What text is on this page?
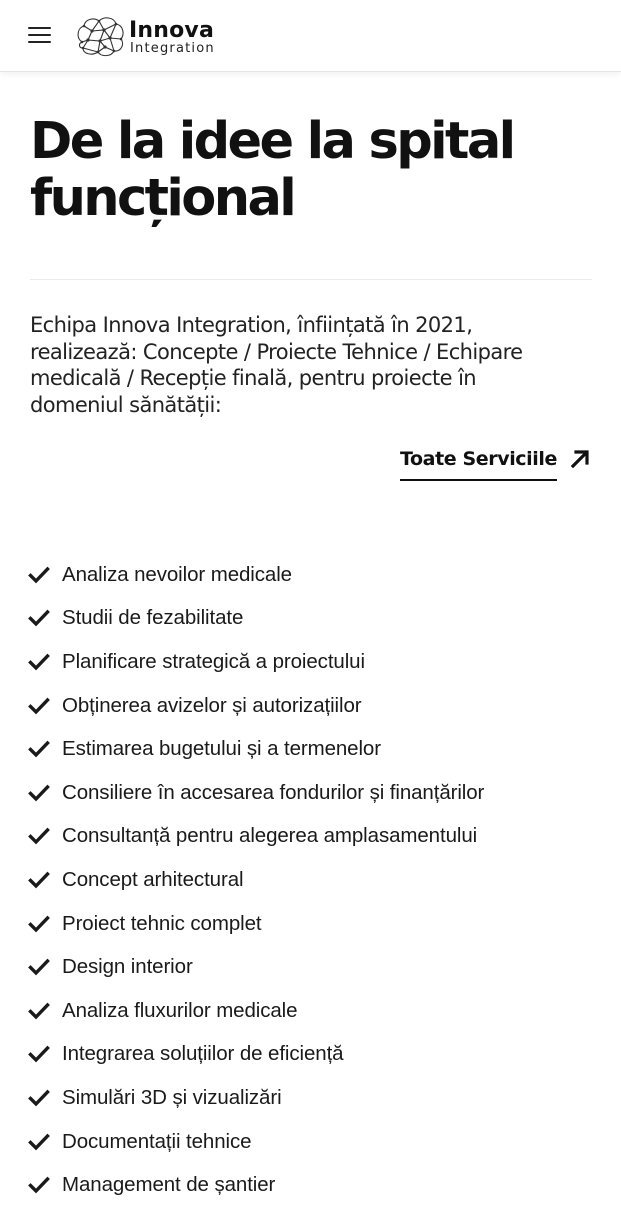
Innova
Integration
De la idee la spital
funcțional

Echipa Innova Integration, înființată în 2021, realizează: Concepte / Proiecte Tehnice / Echipare medicală / Recepție finală, pentru proiecte în domeniul sănătății:

Toate Serviciile
Analiza nevoilor medicale
Studii de fezabilitate
Planificare strategică a proiectului
Obținerea avizelor și autorizațiilor
Estimarea bugetului și a termenelor
Consiliere în accesarea fondurilor și finanțărilor
Consultanță pentru alegerea amplasamentului
Concept arhitectural
Proiect tehnic complet
Design interior
Analiza fluxurilor medicale
Integrarea soluțiilor de eficiență
Simulări 3D și vizualizări
Documentații tehnice
Management de șantier
